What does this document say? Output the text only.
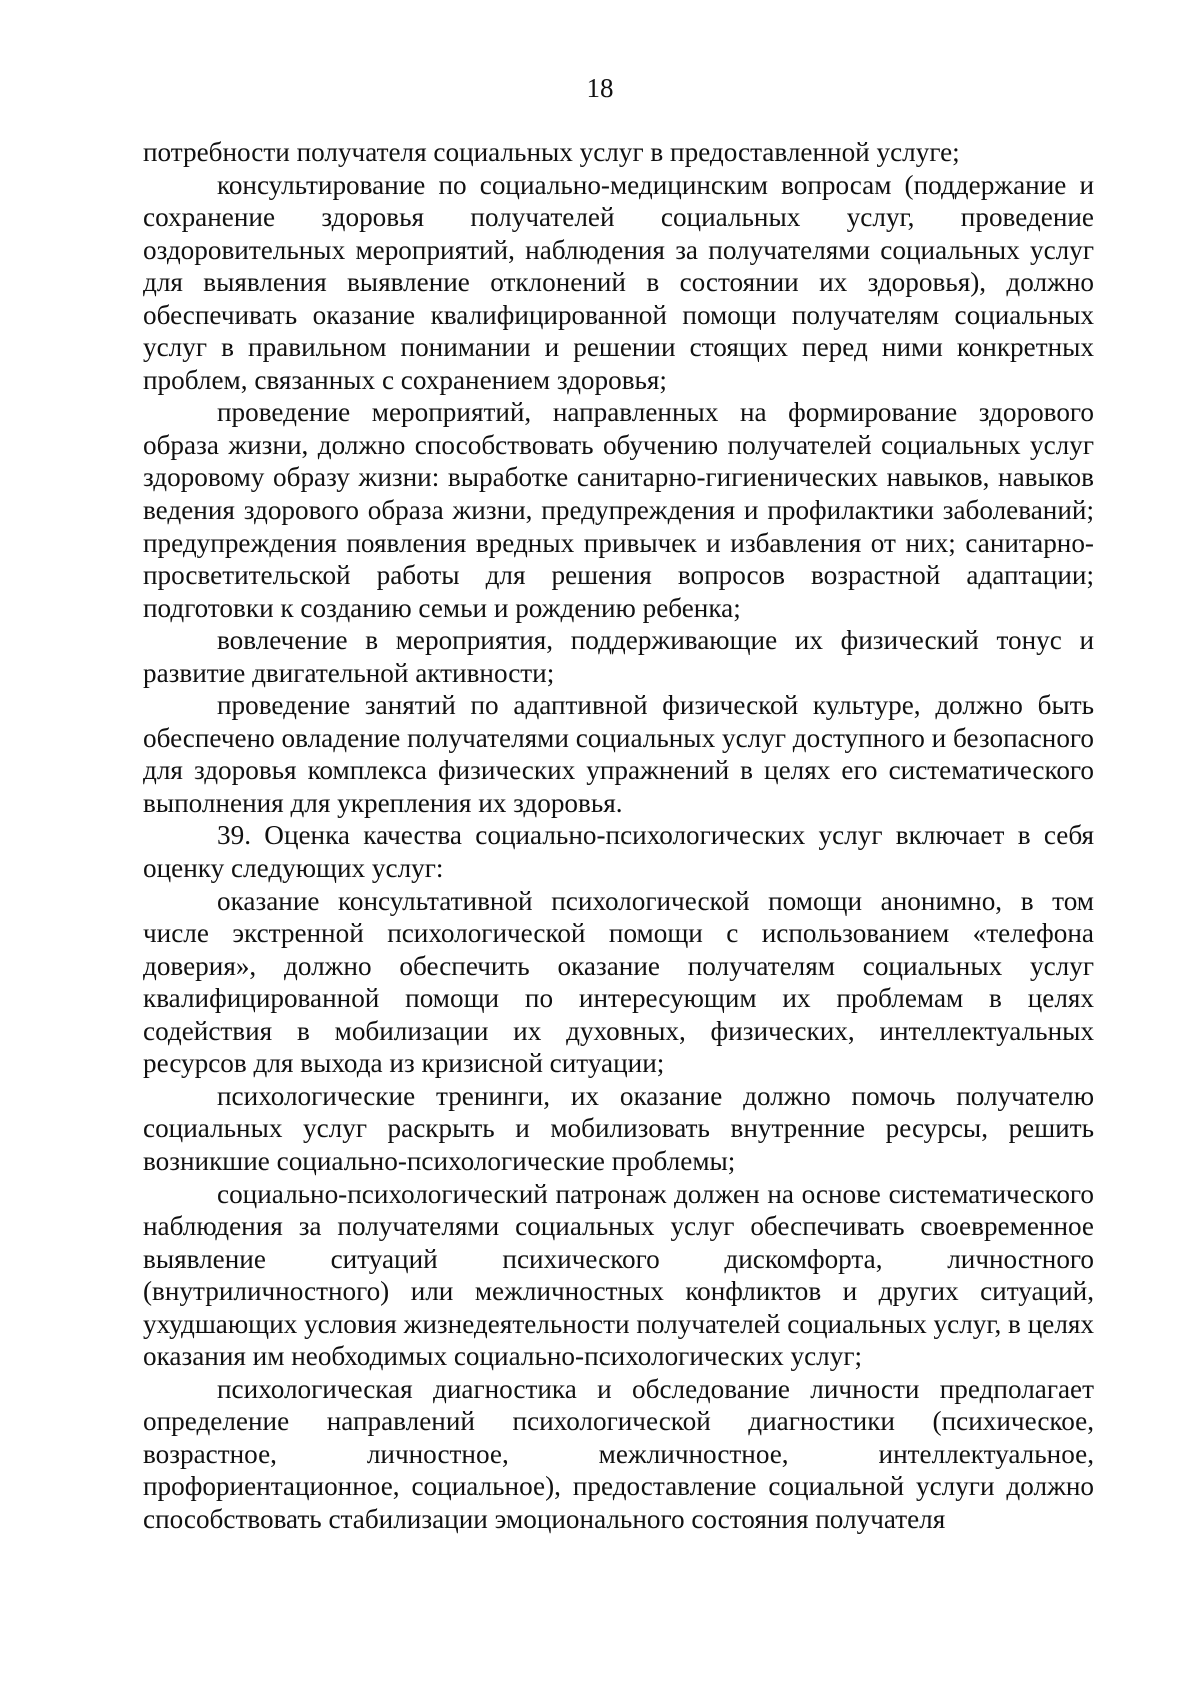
18

потребности получателя социальных услуг в предоставленной услуге;

консультирование по социально-медицинским вопросам (поддержание и сохранение здоровья получателей социальных услуг, проведение оздоровительных мероприятий, наблюдения за получателями социальных услуг для выявления выявление отклонений в состоянии их здоровья), должно обеспечивать оказание квалифицированной помощи получателям социальных услуг в правильном понимании и решении стоящих перед ними конкретных проблем, связанных с сохранением здоровья;

проведение мероприятий, направленных на формирование здорового образа жизни, должно способствовать обучению получателей социальных услуг здоровому образу жизни: выработке санитарно-гигиенических навыков, навыков ведения здорового образа жизни, предупреждения и профилактики заболеваний; предупреждения появления вредных привычек и избавления от них; санитарно-просветительской работы для решения вопросов возрастной адаптации; подготовки к созданию семьи и рождению ребенка;

вовлечение в мероприятия, поддерживающие их физический тонус и развитие двигательной активности;

проведение занятий по адаптивной физической культуре, должно быть обеспечено овладение получателями социальных услуг доступного и безопасного для здоровья комплекса физических упражнений в целях его систематического выполнения для укрепления их здоровья.

39. Оценка качества социально-психологических услуг включает в себя оценку следующих услуг:

оказание консультативной психологической помощи анонимно, в том числе экстренной психологической помощи с использованием «телефона доверия», должно обеспечить оказание получателям социальных услуг квалифицированной помощи по интересующим их проблемам в целях содействия в мобилизации их духовных, физических, интеллектуальных ресурсов для выхода из кризисной ситуации;

психологические тренинги, их оказание должно помочь получателю социальных услуг раскрыть и мобилизовать внутренние ресурсы, решить возникшие социально-психологические проблемы;

социально-психологический патронаж должен на основе систематического наблюдения за получателями социальных услуг обеспечивать своевременное выявление ситуаций психического дискомфорта, личностного (внутриличностного) или межличностных конфликтов и других ситуаций, ухудшающих условия жизнедеятельности получателей социальных услуг, в целях оказания им необходимых социально-психологических услуг;

психологическая диагностика и обследование личности предполагает определение направлений психологической диагностики (психическое, возрастное, личностное, межличностное, интеллектуальное, профориентационное, социальное), предоставление социальной услуги должно способствовать стабилизации эмоционального состояния получателя
